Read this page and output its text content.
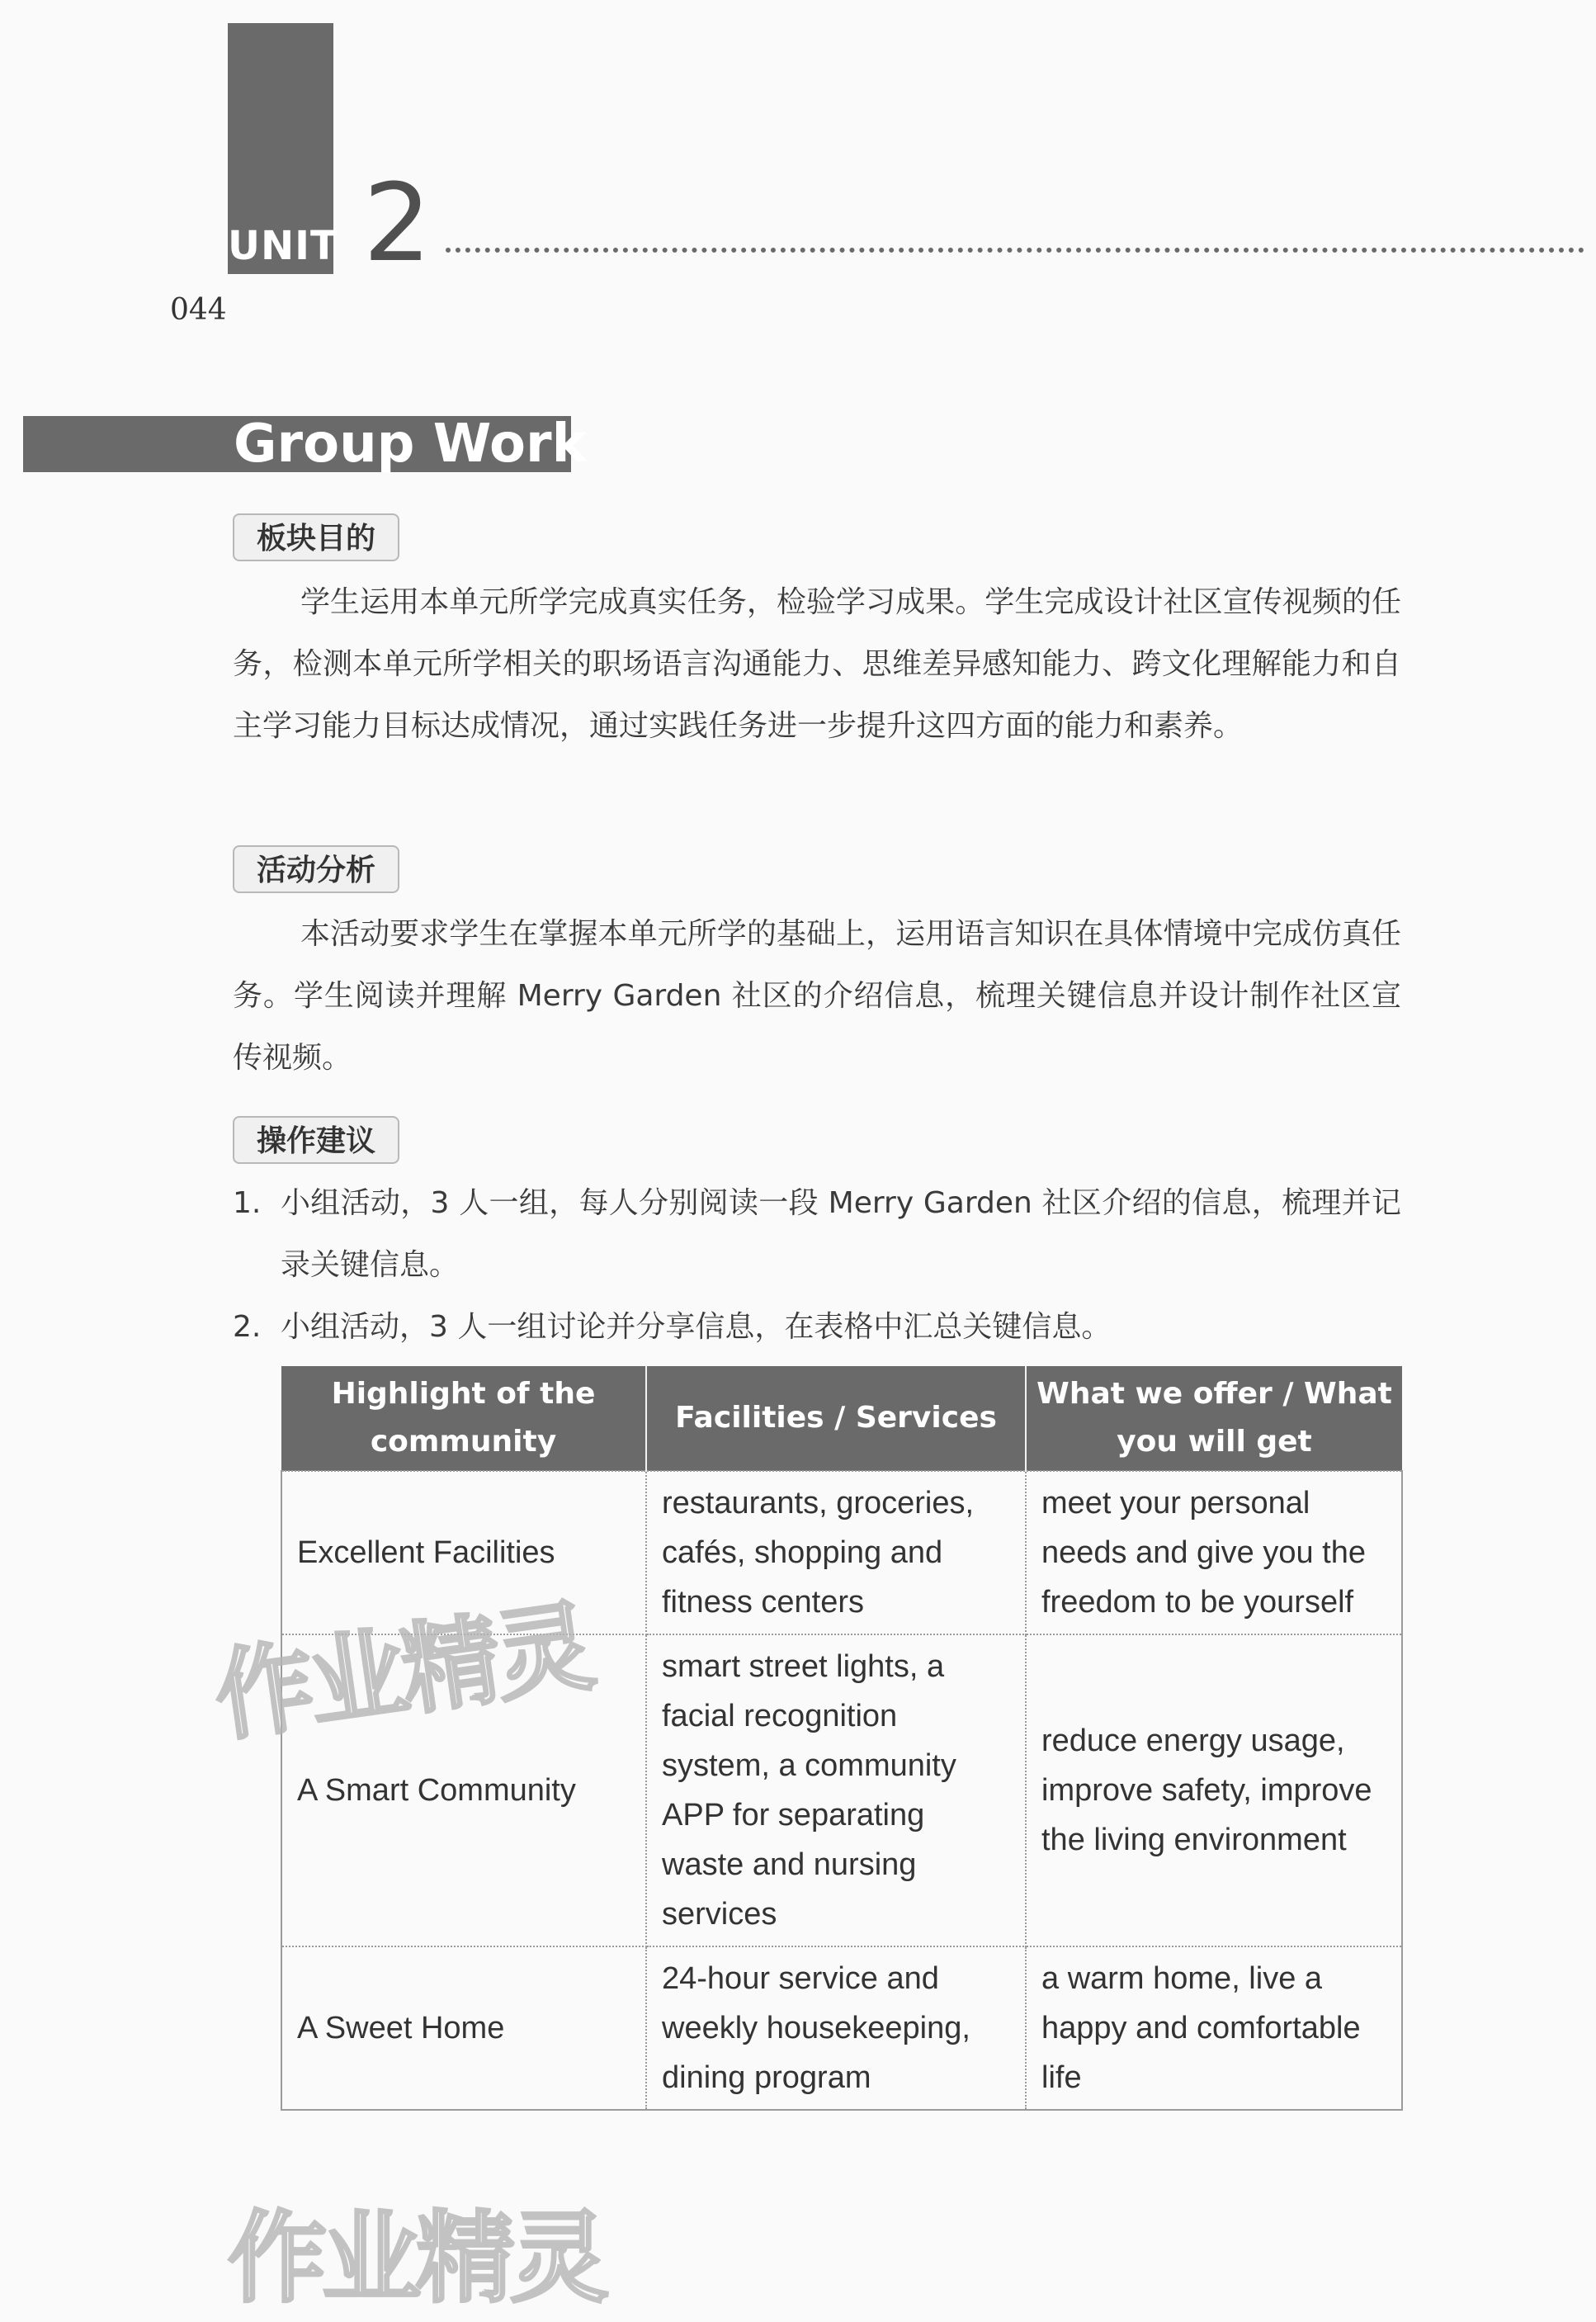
UNIT 2
044
Group Work
板块目的

学生运用本单元所学完成真实任务，检验学习成果。学生完成设计社区宣传视频的任务，检测本单元所学相关的职场语言沟通能力、思维差异感知能力、跨文化理解能力和自主学习能力目标达成情况，通过实践任务进一步提升这四方面的能力和素养。

活动分析

本活动要求学生在掌握本单元所学的基础上，运用语言知识在具体情境中完成仿真任务。学生阅读并理解 Merry Garden 社区的介绍信息，梳理关键信息并设计制作社区宣传视频。

操作建议
1. 小组活动，3 人一组，每人分别阅读一段 Merry Garden 社区介绍的信息，梳理并记录关键信息。
2. 小组活动，3 人一组讨论并分享信息，在表格中汇总关键信息。
Highlight of the community	Facilities / Services	What we offer / What you will get
Excellent Facilities	restaurants, groceries, cafés, shopping and fitness centers	meet your personal needs and give you the freedom to be yourself
A Smart Community	smart street lights, a facial recognition system, a community APP for separating waste and nursing services	reduce energy usage, improve safety, improve the living environment
A Sweet Home	24-hour service and weekly housekeeping, dining program	a warm home, live a happy and comfortable life
作业精灵
作业精灵
